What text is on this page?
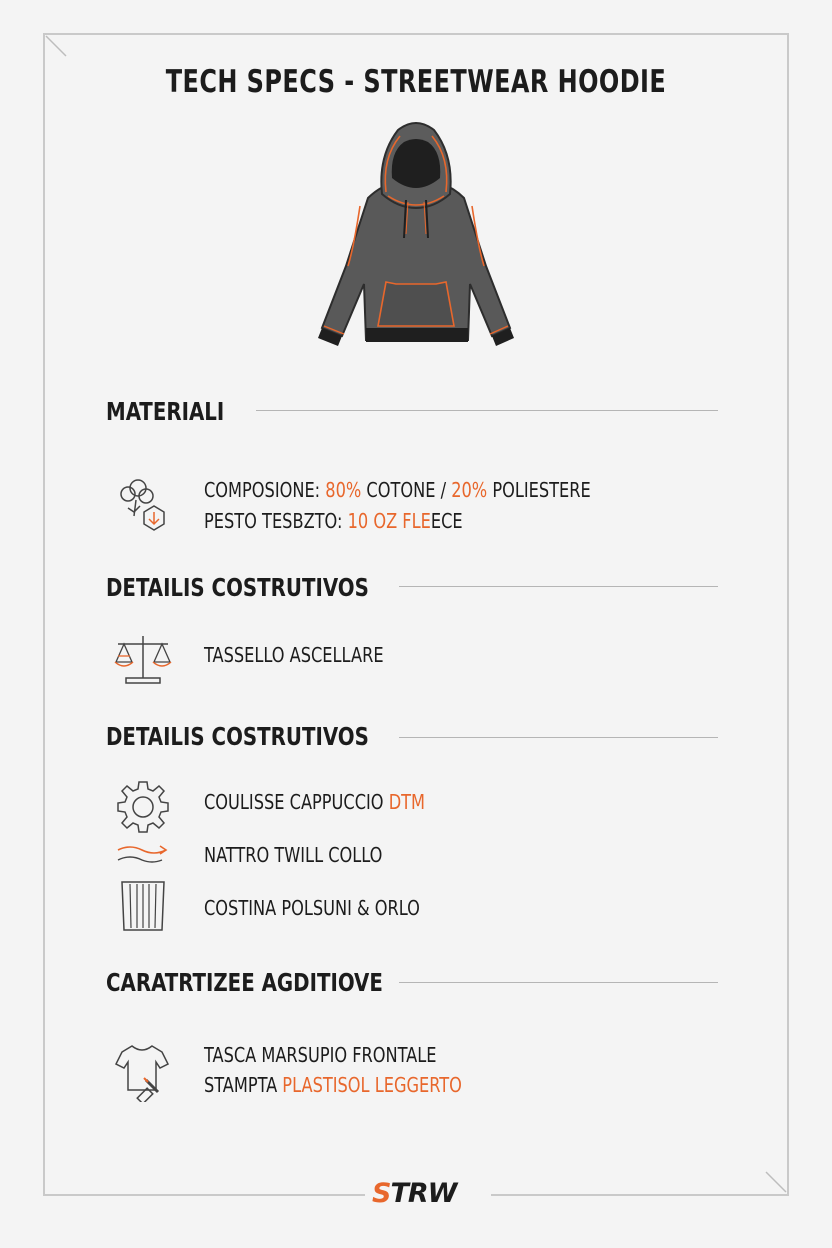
TECH SPECS - STREETWEAR HOODIE
MATERIALI
COMPOSIONE: 80% COTONE / 20% POLIESTERE
PESTO TESBZTO: 10 OZ FLEECE
DETAILIS COSTRUTIVOS
TASSELLO ASCELLARE
DETAILIS COSTRUTIVOS
COULISSE CAPPUCCIO DTM
NATTRO TWILL COLLO
COSTINA POLSUNI & ORLO
CARATRTIZEE AGDITIOVE
TASCA MARSUPIO FRONTALE
STAMPTA PLASTISOL LEGGERTO
STRW
